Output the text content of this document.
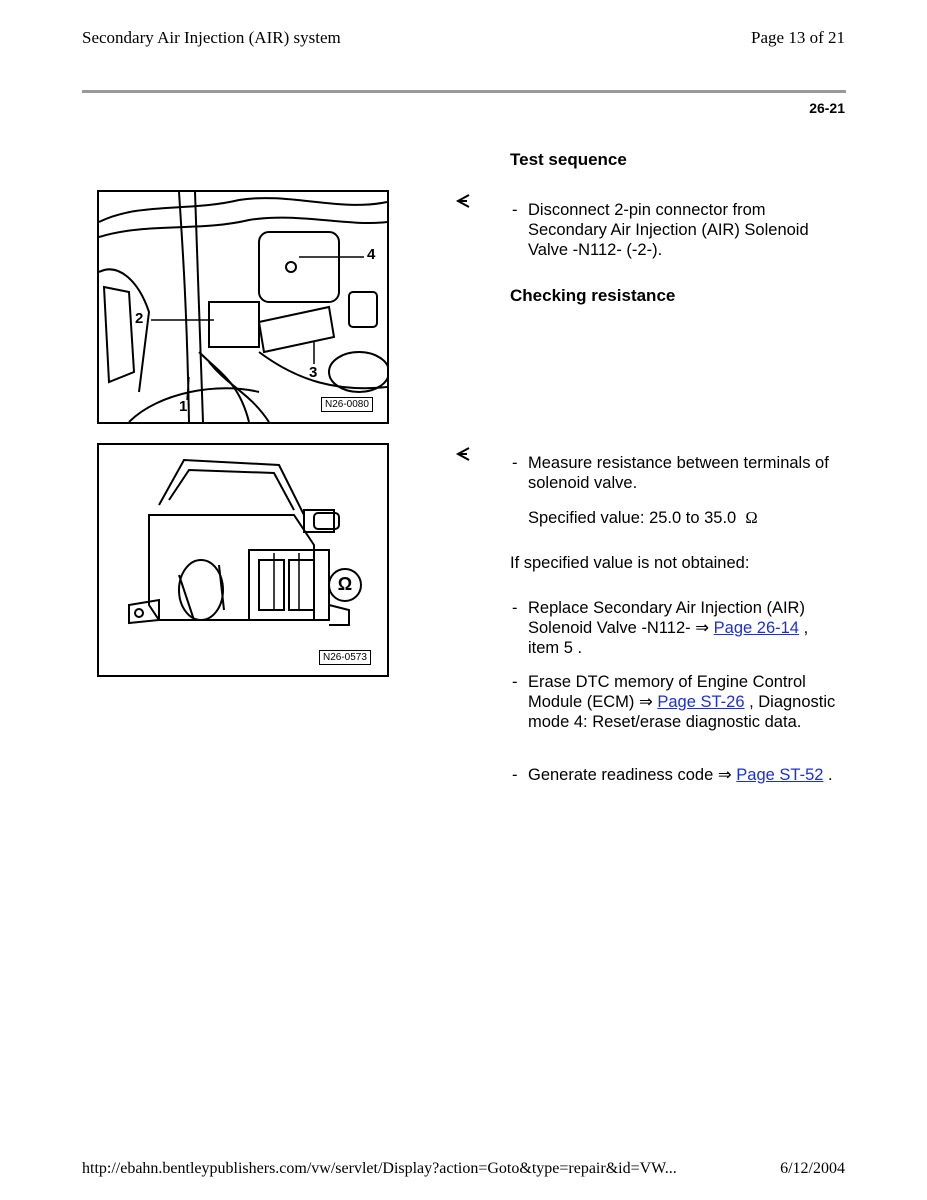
Secondary Air Injection (AIR) system	Page 13 of 21
26-21
Test sequence
4
2
3
1	N26-0080
- Disconnect 2-pin connector from Secondary Air Injection (AIR) Solenoid Valve -N112- (-2-).
Checking resistance
Ω
N26-0573
- Measure resistance between terminals of solenoid valve.
Specified value: 25.0 to 35.0 Ω
If specified value is not obtained:
- Replace Secondary Air Injection (AIR) Solenoid Valve -N112- ⇒ Page 26-14 , item 5 .
- Erase DTC memory of Engine Control Module (ECM) ⇒ Page ST-26 , Diagnostic mode 4: Reset/erase diagnostic data.
- Generate readiness code ⇒ Page ST-52 .
http://ebahn.bentleypublishers.com/vw/servlet/Display?action=Goto&type=repair&id=VW...	6/12/2004
